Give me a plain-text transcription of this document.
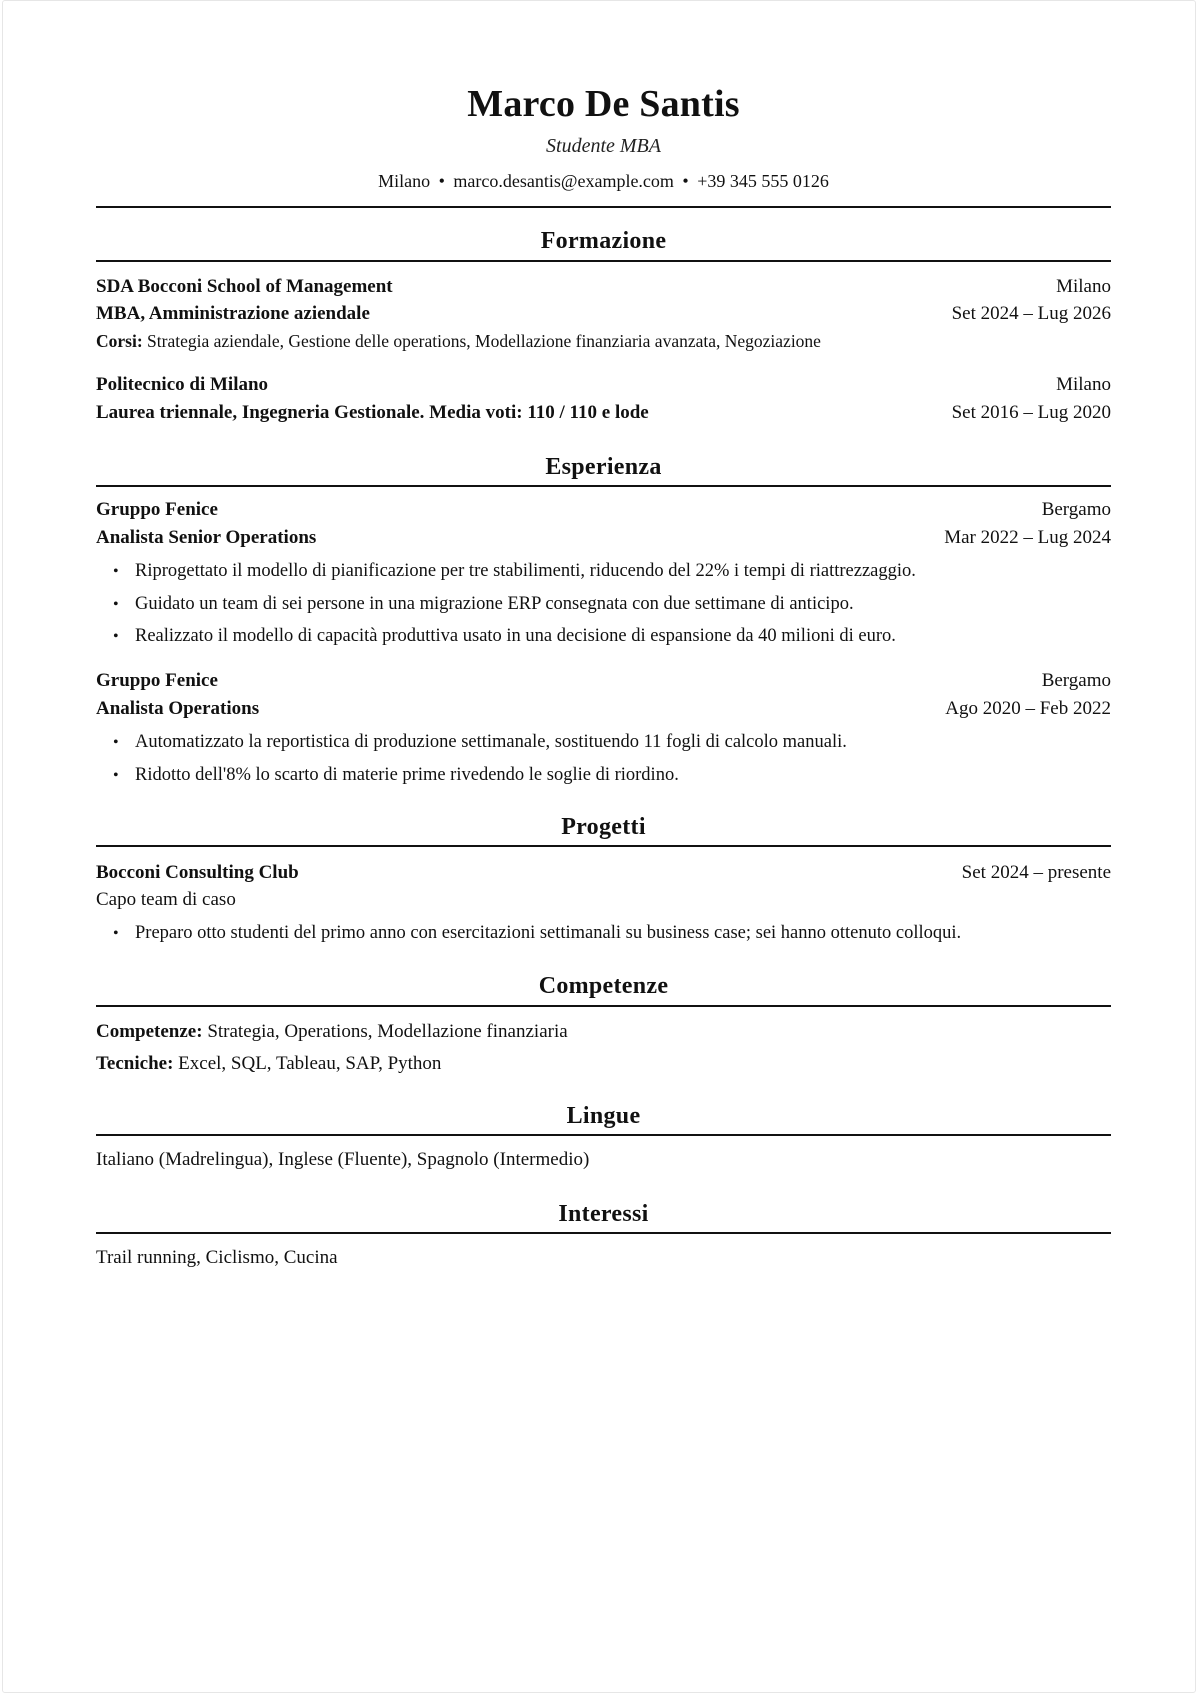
Marco De Santis
Studente MBA
Milano • marco.desantis@example.com • +39 345 555 0126
Formazione
SDA Bocconi School of Management	Milano
MBA, Amministrazione aziendale	Set 2024 – Lug 2026
Corsi: Strategia aziendale, Gestione delle operations, Modellazione finanziaria avanzata, Negoziazione
Politecnico di Milano	Milano
Laurea triennale, Ingegneria Gestionale. Media voti: 110 / 110 e lode	Set 2016 – Lug 2020
Esperienza
Gruppo Fenice	Bergamo
Analista Senior Operations	Mar 2022 – Lug 2024
• Riprogettato il modello di pianificazione per tre stabilimenti, riducendo del 22% i tempi di riattrezzaggio.
• Guidato un team di sei persone in una migrazione ERP consegnata con due settimane di anticipo.
• Realizzato il modello di capacità produttiva usato in una decisione di espansione da 40 milioni di euro.
Gruppo Fenice	Bergamo
Analista Operations	Ago 2020 – Feb 2022
• Automatizzato la reportistica di produzione settimanale, sostituendo 11 fogli di calcolo manuali.
• Ridotto dell'8% lo scarto di materie prime rivedendo le soglie di riordino.
Progetti
Bocconi Consulting Club	Set 2024 – presente
Capo team di caso
• Preparo otto studenti del primo anno con esercitazioni settimanali su business case; sei hanno ottenuto colloqui.
Competenze
Competenze: Strategia, Operations, Modellazione finanziaria
Tecniche: Excel, SQL, Tableau, SAP, Python
Lingue
Italiano (Madrelingua), Inglese (Fluente), Spagnolo (Intermedio)
Interessi
Trail running, Ciclismo, Cucina
